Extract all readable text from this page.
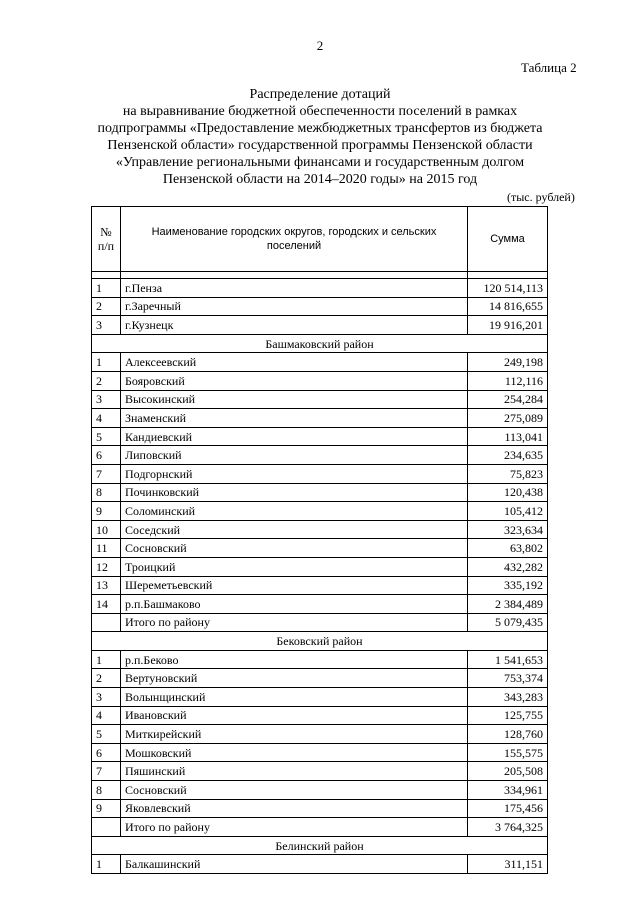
2
Таблица 2
Распределение дотаций
на выравнивание бюджетной обеспеченности поселений в рамках
подпрограммы «Предоставление межбюджетных трансфертов из бюджета
Пензенской области» государственной программы Пензенской области
«Управление региональными финансами и государственным долгом
Пензенской области на 2014–2020 годы» на 2015 год
(тыс. рублей)
№
п/п	Наименование городских округов, городских и сельских поселений	Сумма

1	г.Пенза	120 514,113
2	г.Заречный	14 816,655
3	г.Кузнецк	19 916,201
Башмаковский район		
1	Алексеевский	249,198
2	Бояровский	112,116
3	Высокинский	254,284
4	Знаменский	275,089
5	Кандиевский	113,041
6	Липовский	234,635
7	Подгорнский	75,823
8	Починковский	120,438
9	Соломинский	105,412
10	Соседский	323,634
11	Сосновский	63,802
12	Троицкий	432,282
13	Шереметьевский	335,192
14	р.п.Башмаково	2 384,489
	Итого по району	5 079,435
Бековский район		
1	р.п.Беково	1 541,653
2	Вертуновский	753,374
3	Волынщинский	343,283
4	Ивановский	125,755
5	Миткирейский	128,760
6	Мошковский	155,575
7	Пяшинский	205,508
8	Сосновский	334,961
9	Яковлевский	175,456
	Итого по району	3 764,325
Белинский район		
1	Балкашинский	311,151
